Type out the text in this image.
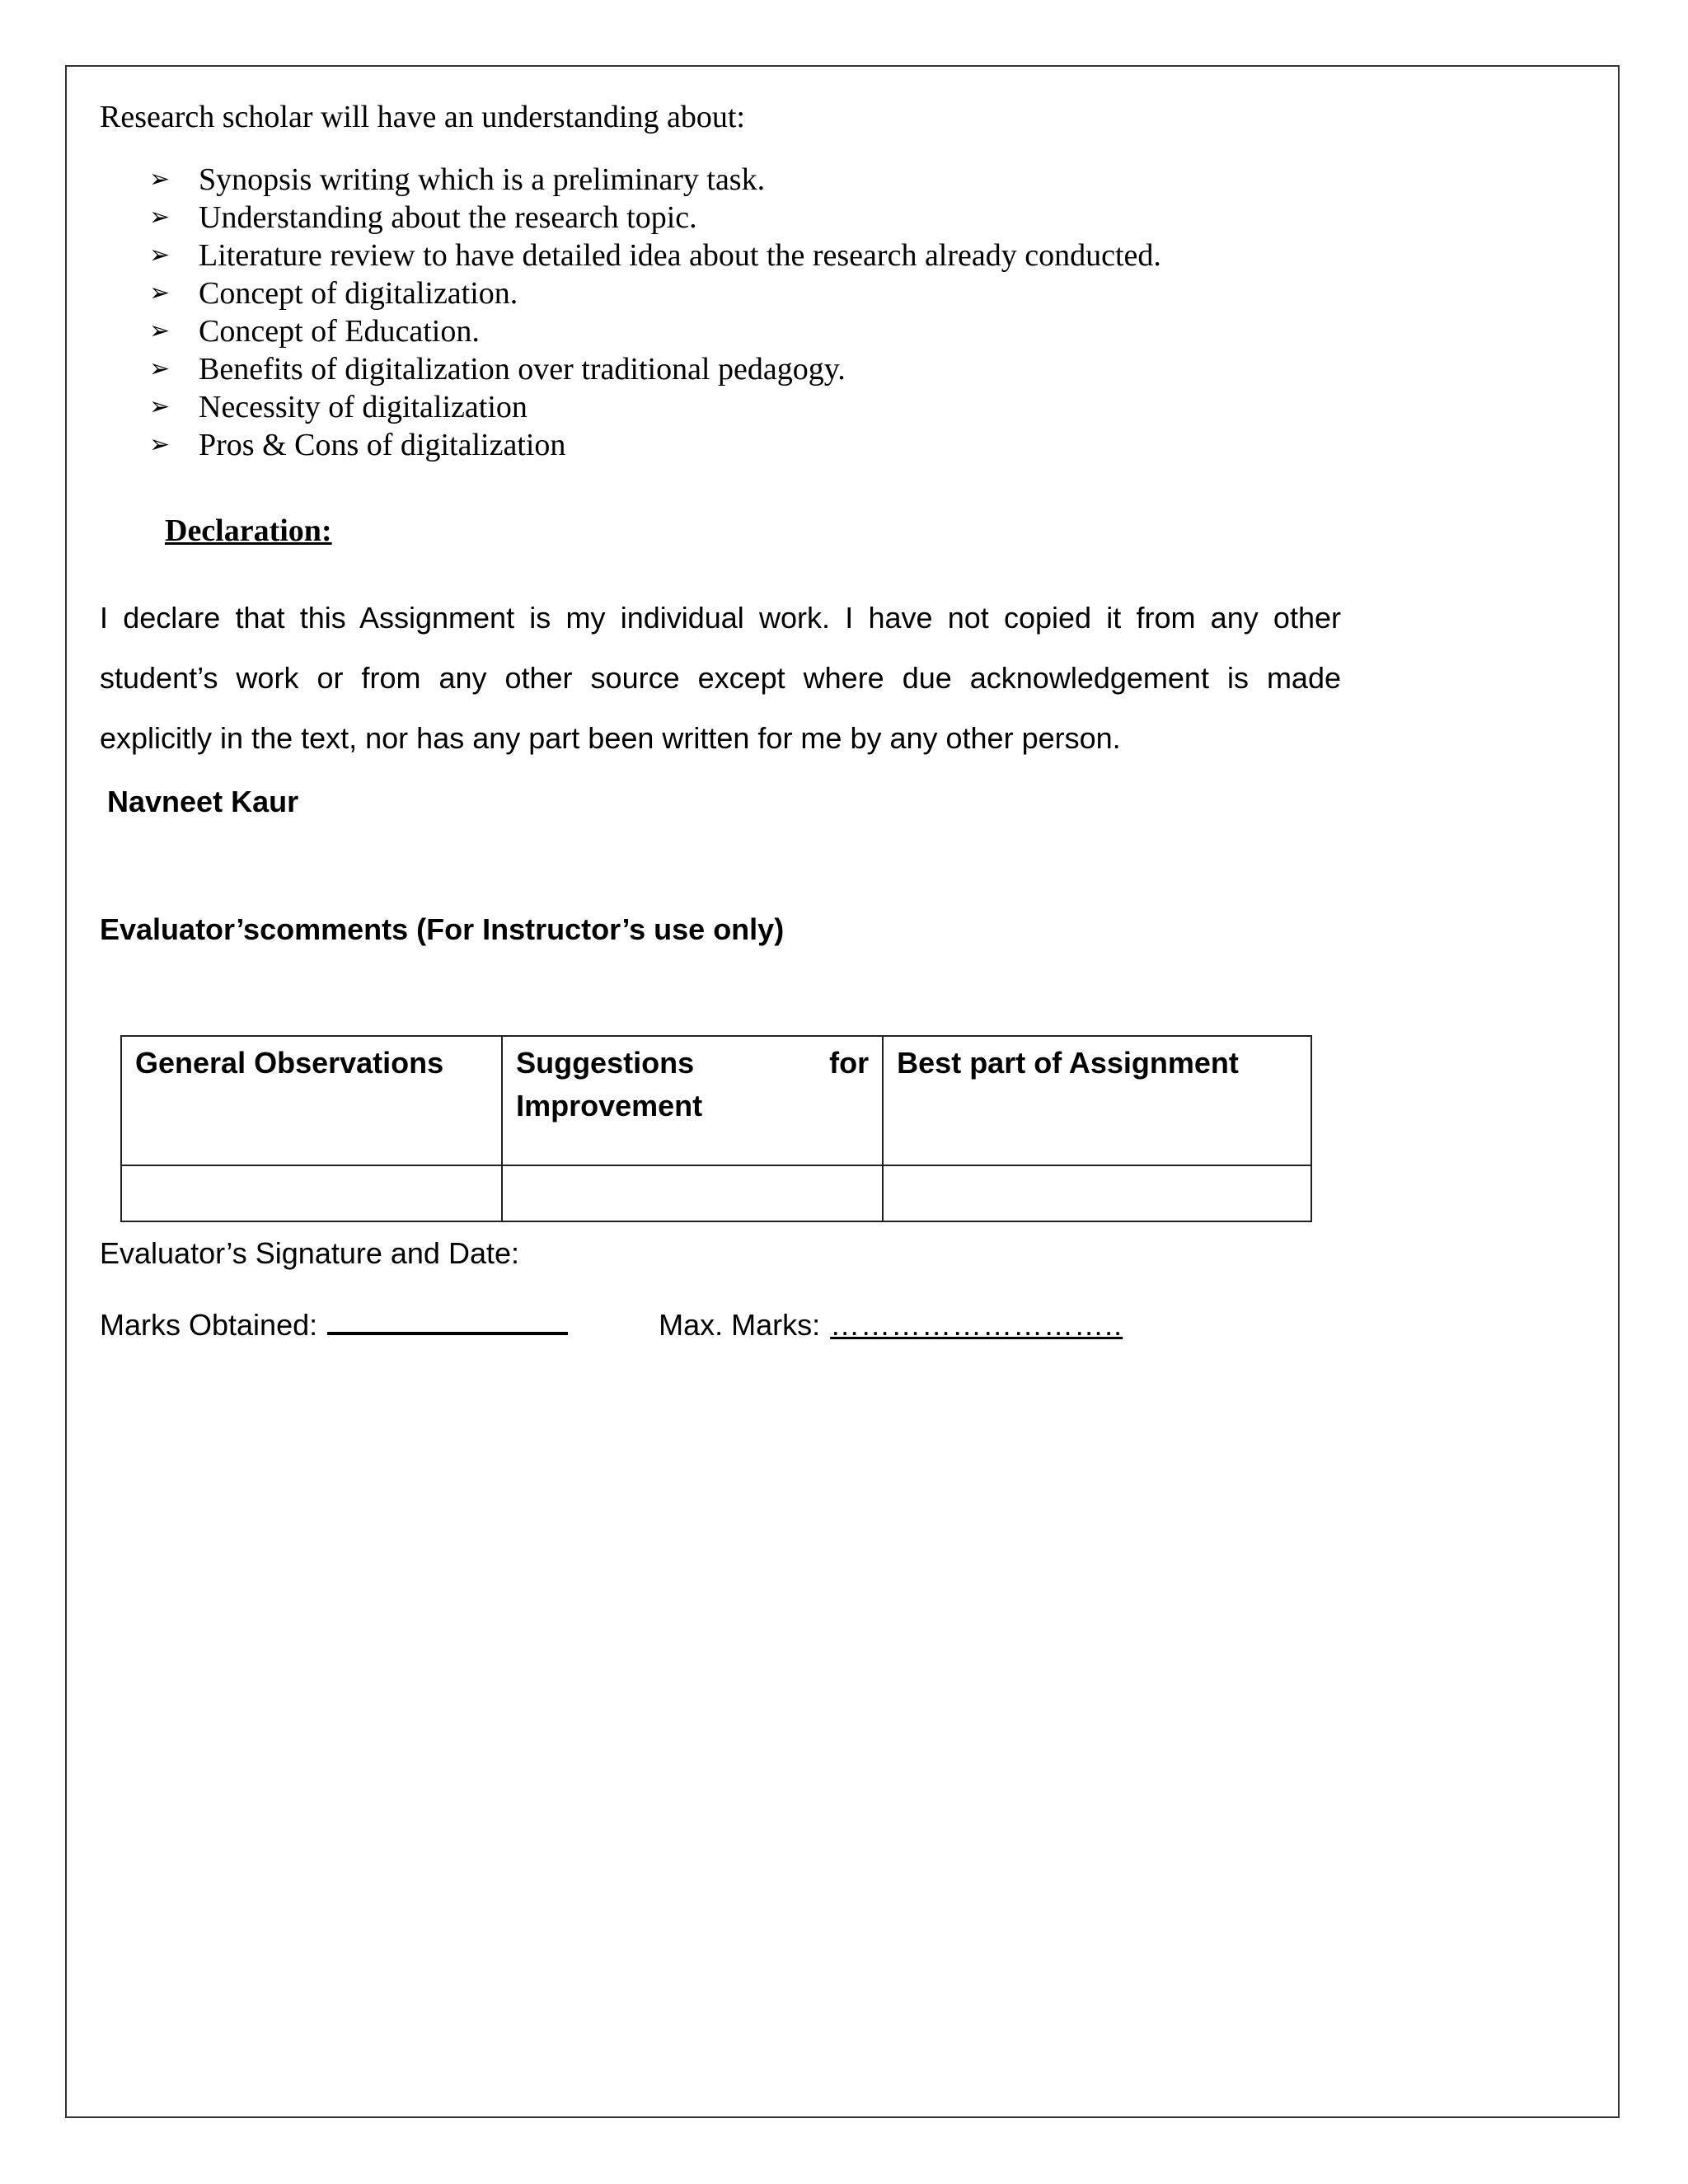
Research scholar will have an understanding about:
➢ Synopsis writing which is a preliminary task.
➢ Understanding about the research topic.
➢ Literature review to have detailed idea about the research already conducted.
➢ Concept of digitalization.
➢ Concept of Education.
➢ Benefits of digitalization over traditional pedagogy.
➢ Necessity of digitalization
➢ Pros & Cons of digitalization
Declaration:

I declare that this Assignment is my individual work. I have not copied it from any other student’s work or from any other source except where due acknowledgement is made explicitly in the text, nor has any part been written for me by any other person.

Navneet Kaur
Evaluator’scomments (For Instructor’s use only)
General Observations	Suggestions for Improvement	Best part of Assignment

Evaluator’s Signature and Date:
Marks Obtained:	Max. Marks: ………………………..
